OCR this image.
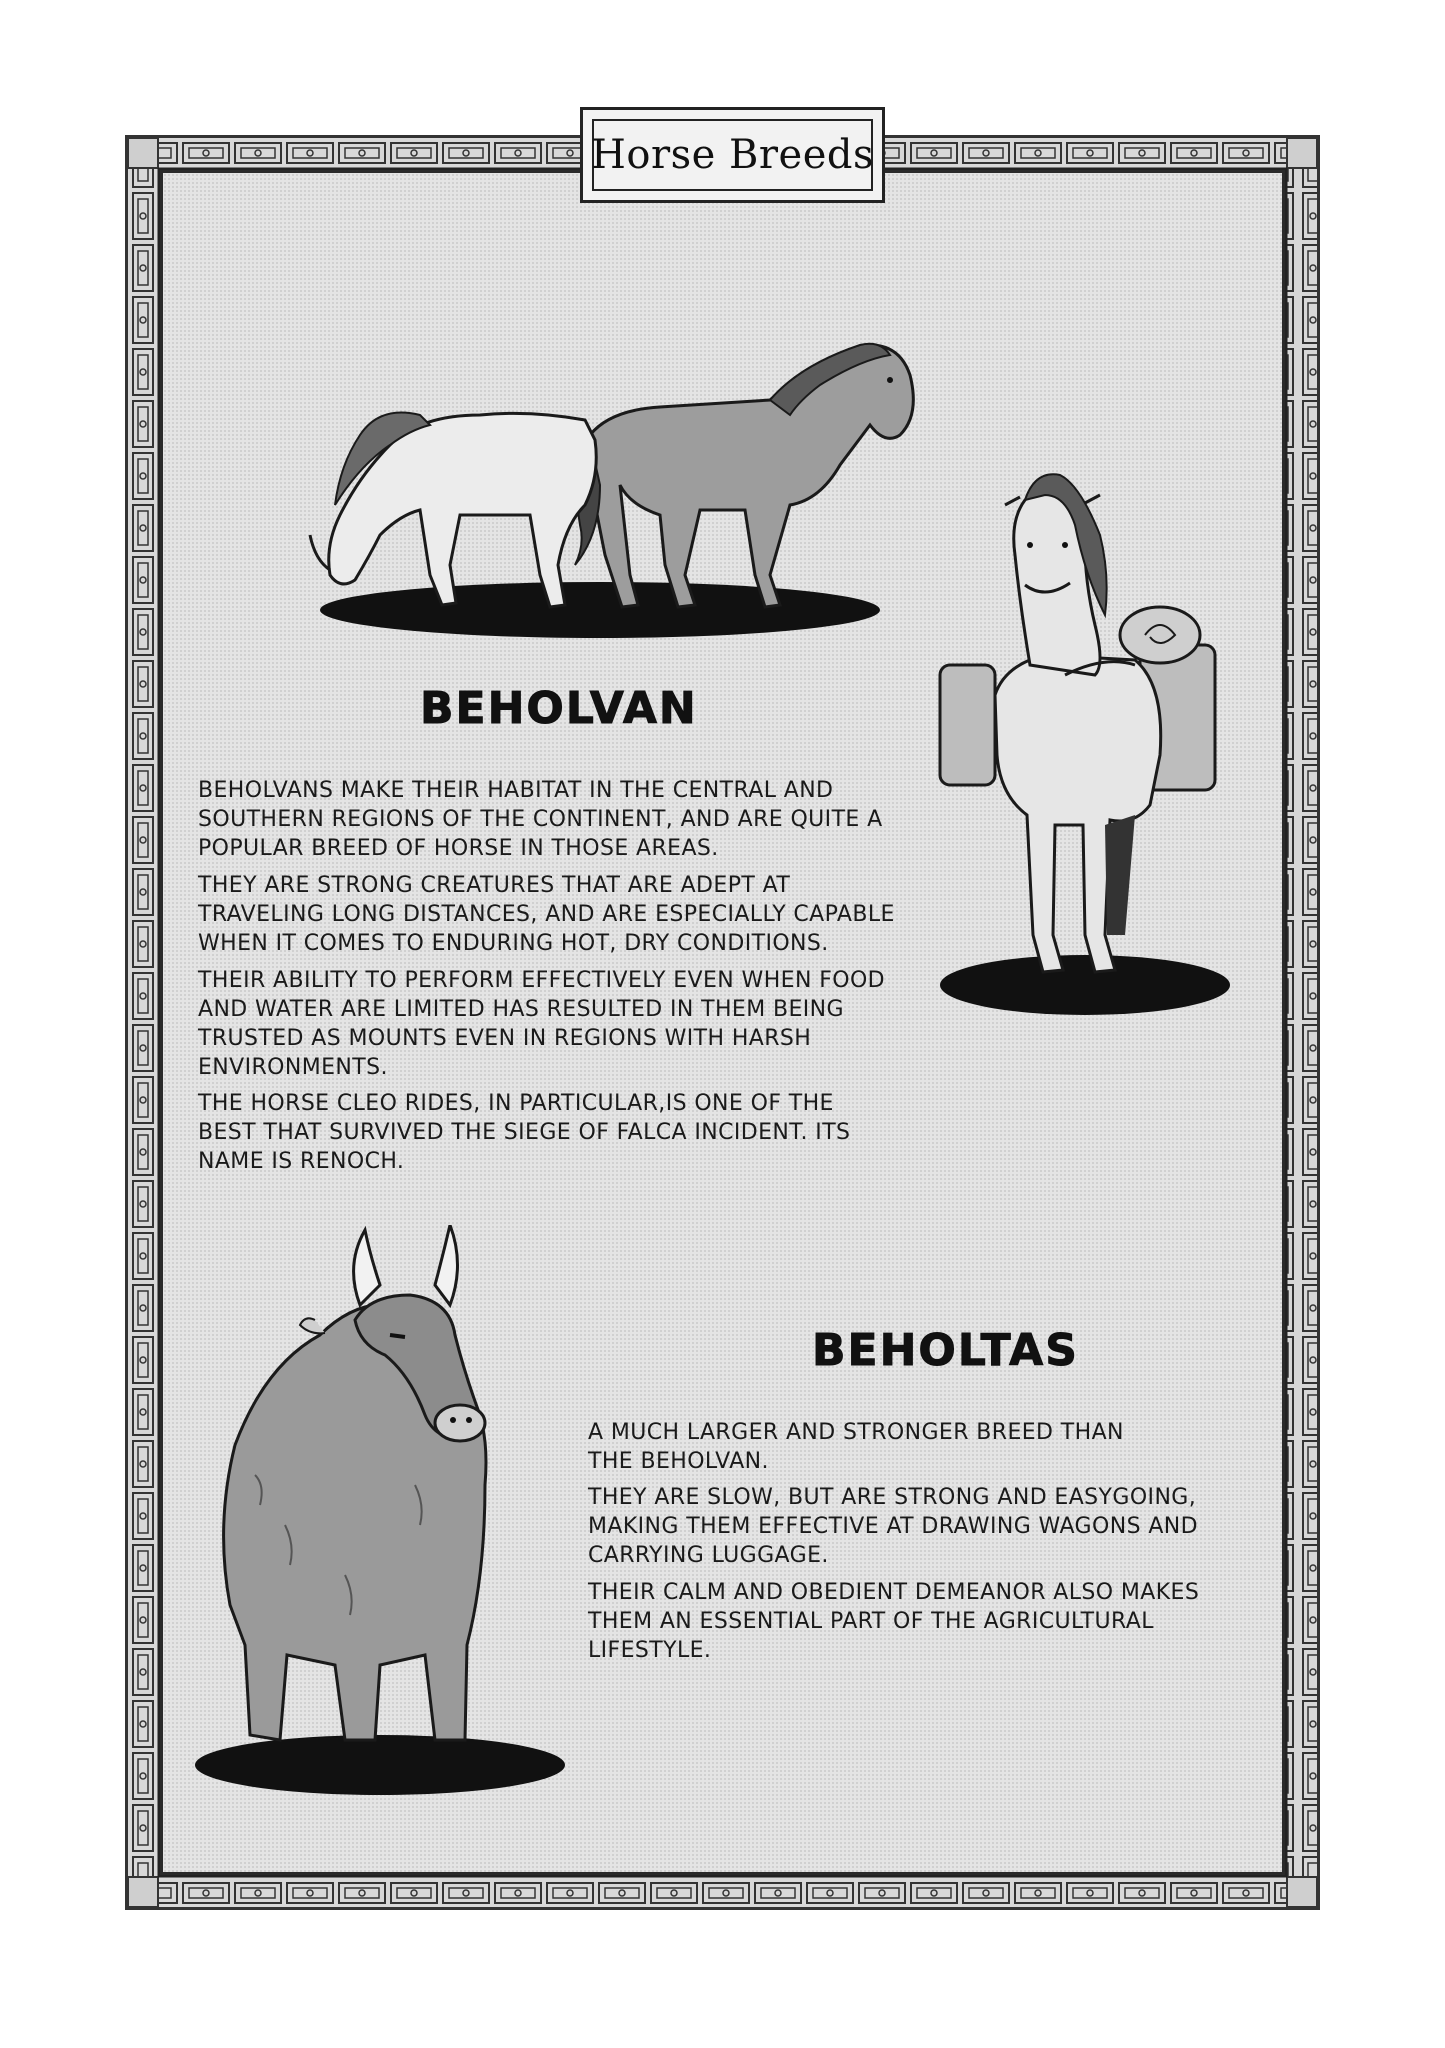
Horse Breeds
BEHOLVAN

BEHOLVANS MAKE THEIR HABITAT IN THE CENTRAL AND SOUTHERN REGIONS OF THE CONTINENT, AND ARE QUITE A POPULAR BREED OF HORSE IN THOSE AREAS.

THEY ARE STRONG CREATURES THAT ARE ADEPT AT TRAVELING LONG DISTANCES, AND ARE ESPECIALLY CAPABLE WHEN IT COMES TO ENDURING HOT, DRY CONDITIONS.

THEIR ABILITY TO PERFORM EFFECTIVELY EVEN WHEN FOOD AND WATER ARE LIMITED HAS RESULTED IN THEM BEING TRUSTED AS MOUNTS EVEN IN REGIONS WITH HARSH ENVIRONMENTS.

THE HORSE CLEO RIDES, IN PARTICULAR,IS ONE OF THE BEST THAT SURVIVED THE SIEGE OF FALCA INCIDENT. ITS NAME IS RENOCH.

BEHOLTAS

A MUCH LARGER AND STRONGER BREED THAN THE BEHOLVAN.

THEY ARE SLOW, BUT ARE STRONG AND EASYGOING, MAKING THEM EFFECTIVE AT DRAWING WAGONS AND CARRYING LUGGAGE.

THEIR CALM AND OBEDIENT DEMEANOR ALSO MAKES THEM AN ESSENTIAL PART OF THE AGRICULTURAL LIFESTYLE.
